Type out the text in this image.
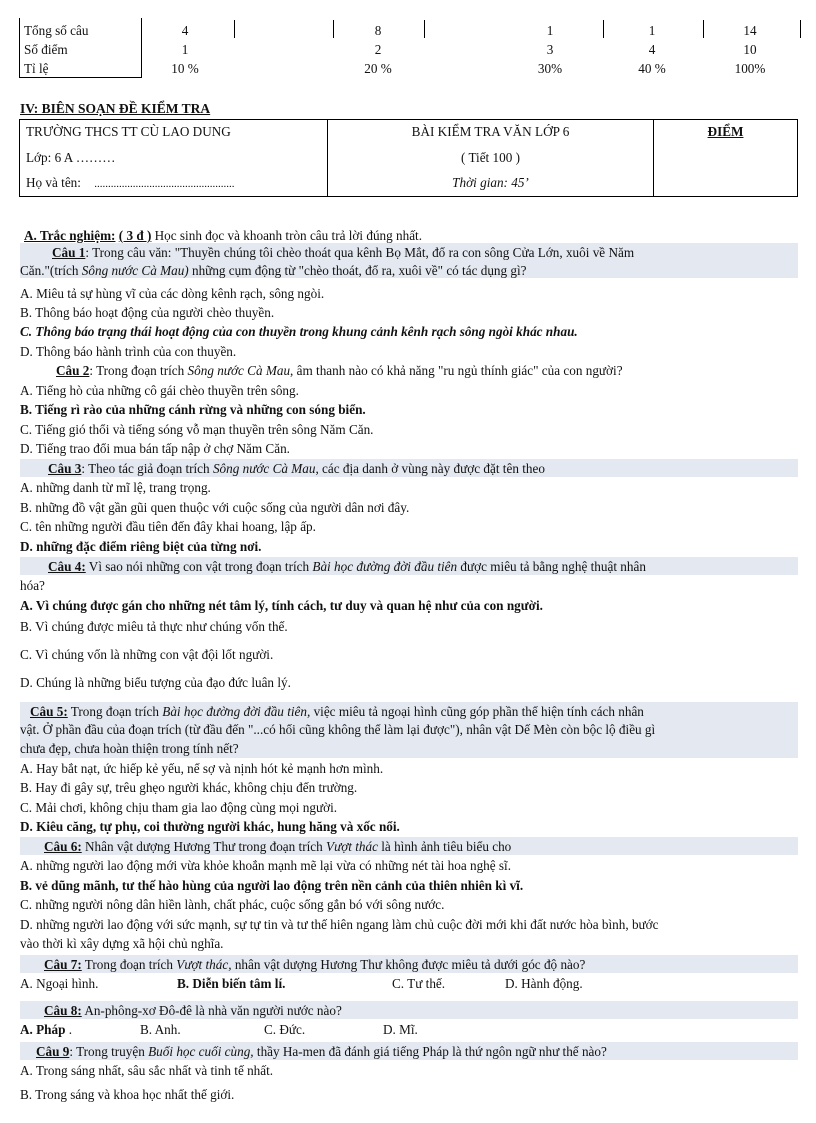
Tổng số câu	4	8	1	1	14
Số điểm	1	2	3	4	10
Tỉ lệ	10 %	20 %	30%	40 %	100%
IV: BIÊN SOẠN ĐỀ KIỂM TRA
TRƯỜNG THCS TT CÙ LAO DUNG
Lớp: 6 A ………
Họ và tên: ...................................................
BÀI KIỂM TRA VĂN LỚP 6
( Tiết 100 )
Thời gian: 45’
ĐIỂM
A. Trắc nghiệm: ( 3 đ ) Học sinh đọc và khoanh tròn câu trả lời đúng nhất.
Câu 1: Trong câu văn: "Thuyền chúng tôi chèo thoát qua kênh Bọ Mắt, đổ ra con sông Cửa Lớn, xuôi về Năm
Căn."(trích Sông nước Cà Mau) những cụm động từ "chèo thoát, đổ ra, xuôi về" có tác dụng gì?
A. Miêu tả sự hùng vĩ của các dòng kênh rạch, sông ngòi.
B. Thông báo hoạt động của người chèo thuyền.
C. Thông báo trạng thái hoạt động của con thuyền trong khung cảnh kênh rạch sông ngòi khác nhau.
D. Thông báo hành trình của con thuyền.
Câu 2: Trong đoạn trích Sông nước Cà Mau, âm thanh nào có khả năng "ru ngủ thính giác" của con người?
A. Tiếng hò của những cô gái chèo thuyền trên sông.
B. Tiếng rì rào của những cánh rừng và những con sóng biển.
C. Tiếng gió thổi và tiếng sóng vỗ mạn thuyền trên sông Năm Căn.
D. Tiếng trao đổi mua bán tấp nập ở chợ Năm Căn.
Câu 3: Theo tác giả đoạn trích Sông nước Cà Mau, các địa danh ở vùng này được đặt tên theo
A. những danh từ mĩ lệ, trang trọng.
B. những đồ vật gần gũi quen thuộc với cuộc sống của người dân nơi đây.
C. tên những người đầu tiên đến đây khai hoang, lập ấp.
D. những đặc điểm riêng biệt của từng nơi.
Câu 4: Vì sao nói những con vật trong đoạn trích Bài học đường đời đầu tiên được miêu tả bằng nghệ thuật nhân
hóa?
A. Vì chúng được gán cho những nét tâm lý, tính cách, tư duy và quan hệ như của con người.
B. Vì chúng được miêu tả thực như chúng vốn thế.
C. Vì chúng vốn là những con vật đội lốt người.
D. Chúng là những biểu tượng của đạo đức luân lý.
Câu 5: Trong đoạn trích Bài học đường đời đầu tiên, việc miêu tả ngoại hình cũng góp phần thể hiện tính cách nhân
vật. Ở phần đầu của đoạn trích (từ đầu đến "...có hối cũng không thể làm lại được"), nhân vật Dế Mèn còn bộc lộ điều gì
chưa đẹp, chưa hoàn thiện trong tính nết?
A. Hay bắt nạt, ức hiếp kẻ yếu, nể sợ và nịnh hót kẻ mạnh hơn mình.
B. Hay đi gây sự, trêu ghẹo người khác, không chịu đến trường.
C. Mải chơi, không chịu tham gia lao động cùng mọi người.
D. Kiêu căng, tự phụ, coi thường người khác, hung hăng và xốc nổi.
Câu 6: Nhân vật dượng Hương Thư trong đoạn trích Vượt thác là hình ảnh tiêu biểu cho
A. những người lao động mới vừa khỏe khoắn mạnh mẽ lại vừa có những nét tài hoa nghệ sĩ.
B. vẻ dũng mãnh, tư thế hào hùng của người lao động trên nền cảnh của thiên nhiên kì vĩ.
C. những người nông dân hiền lành, chất phác, cuộc sống gắn bó với sông nước.
D. những người lao động với sức mạnh, sự tự tin và tư thế hiên ngang làm chủ cuộc đời mới khi đất nước hòa bình, bước
vào thời kì xây dựng xã hội chủ nghĩa.
Câu 7: Trong đoạn trích Vượt thác, nhân vật dượng Hương Thư không được miêu tả dưới góc độ nào?
A. Ngoại hình.	B. Diễn biến tâm lí.	C. Tư thế.	D. Hành động.
Câu 8: An-phông-xơ Đô-đê là nhà văn người nước nào?
A. Pháp .	B. Anh.	C. Đức.	D. Mĩ.
Câu 9: Trong truyện Buổi học cuối cùng, thầy Ha-men đã đánh giá tiếng Pháp là thứ ngôn ngữ như thế nào?
A. Trong sáng nhất, sâu sắc nhất và tinh tế nhất.
B. Trong sáng và khoa học nhất thế giới.
